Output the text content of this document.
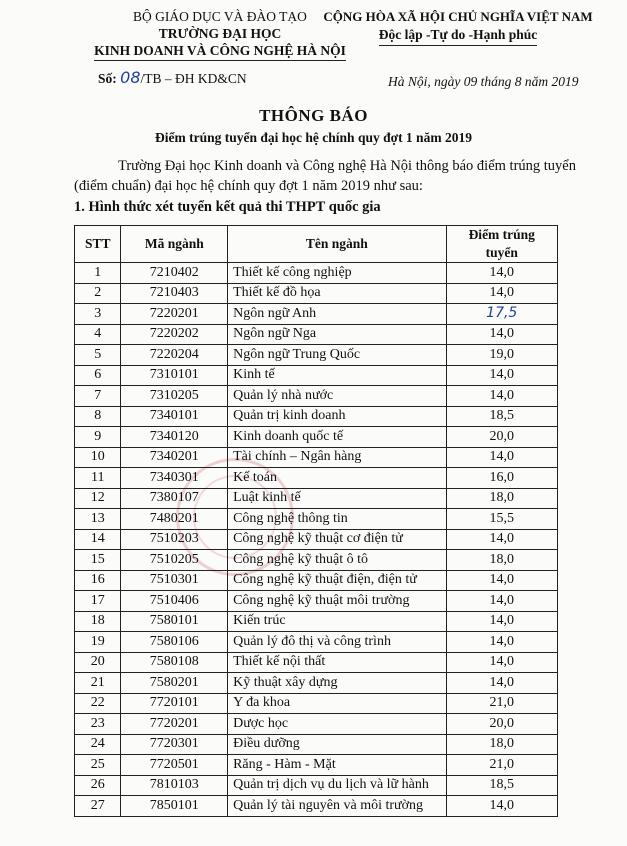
BỘ GIÁO DỤC VÀ ĐÀO TẠO
TRƯỜNG ĐẠI HỌC
KINH DOANH VÀ CÔNG NGHỆ HÀ NỘI
CỘNG HÒA XÃ HỘI CHỦ NGHĨA VIỆT NAM
Độc lập -Tự do -Hạnh phúc
Số: 08/TB – ĐH KD&CN	Hà Nội, ngày 09 tháng 8 năm 2019
THÔNG BÁO
Điểm trúng tuyển đại học hệ chính quy đợt 1 năm 2019
Trường Đại học Kinh doanh và Công nghệ Hà Nội thông báo điểm trúng tuyển (điểm chuẩn) đại học hệ chính quy đợt 1 năm 2019 như sau:
1. Hình thức xét tuyển kết quả thi THPT quốc gia
STT	Mã ngành	Tên ngành	Điểm trúng tuyển
1	7210402	Thiết kế công nghiệp	14,0
2	7210403	Thiết kế đồ họa	14,0
3	7220201	Ngôn ngữ Anh	17,5
4	7220202	Ngôn ngữ Nga	14,0
5	7220204	Ngôn ngữ Trung Quốc	19,0
6	7310101	Kinh tế	14,0
7	7310205	Quản lý nhà nước	14,0
8	7340101	Quản trị kinh doanh	18,5
9	7340120	Kinh doanh quốc tế	20,0
10	7340201	Tài chính – Ngân hàng	14,0
11	7340301	Kế toán	16,0
12	7380107	Luật kinh tế	18,0
13	7480201	Công nghệ thông tin	15,5
14	7510203	Công nghệ kỹ thuật cơ điện tử	14,0
15	7510205	Công nghệ kỹ thuật ô tô	18,0
16	7510301	Công nghệ kỹ thuật điện, điện tử	14,0
17	7510406	Công nghệ kỹ thuật môi trường	14,0
18	7580101	Kiến trúc	14,0
19	7580106	Quản lý đô thị và công trình	14,0
20	7580108	Thiết kế nội thất	14,0
21	7580201	Kỹ thuật xây dựng	14,0
22	7720101	Y đa khoa	21,0
23	7720201	Dược học	20,0
24	7720301	Điều dưỡng	18,0
25	7720501	Răng - Hàm - Mặt	21,0
26	7810103	Quản trị dịch vụ du lịch và lữ hành	18,5
27	7850101	Quản lý tài nguyên và môi trường	14,0
